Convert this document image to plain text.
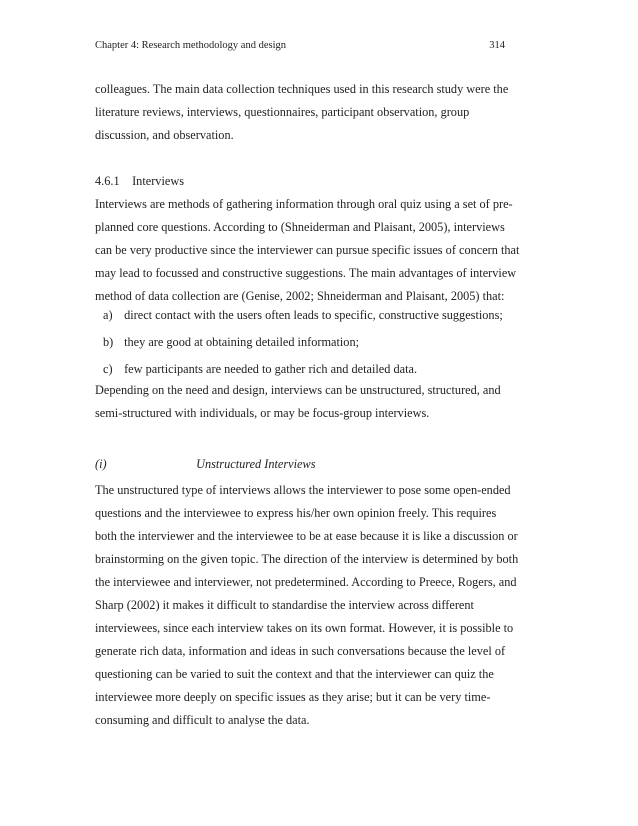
Chapter 4: Research methodology and design	314
colleagues. The main data collection techniques used in this research study were the
literature reviews, interviews, questionnaires, participant observation, group
discussion, and observation.
4.6.1 Interviews
Interviews are methods of gathering information through oral quiz using a set of pre-
planned core questions. According to (Shneiderman and Plaisant, 2005), interviews
can be very productive since the interviewer can pursue specific issues of concern that
may lead to focussed and constructive suggestions. The main advantages of interview
method of data collection are (Genise, 2002; Shneiderman and Plaisant, 2005) that:
a) direct contact with the users often leads to specific, constructive suggestions;
b) they are good at obtaining detailed information;
c) few participants are needed to gather rich and detailed data.
Depending on the need and design, interviews can be unstructured, structured, and
semi-structured with individuals, or may be focus-group interviews.
(i)	Unstructured Interviews
The unstructured type of interviews allows the interviewer to pose some open-ended
questions and the interviewee to express his/her own opinion freely. This requires
both the interviewer and the interviewee to be at ease because it is like a discussion or
brainstorming on the given topic. The direction of the interview is determined by both
the interviewee and interviewer, not predetermined. According to Preece, Rogers, and
Sharp (2002) it makes it difficult to standardise the interview across different
interviewees, since each interview takes on its own format. However, it is possible to
generate rich data, information and ideas in such conversations because the level of
questioning can be varied to suit the context and that the interviewer can quiz the
interviewee more deeply on specific issues as they arise; but it can be very time-
consuming and difficult to analyse the data.
